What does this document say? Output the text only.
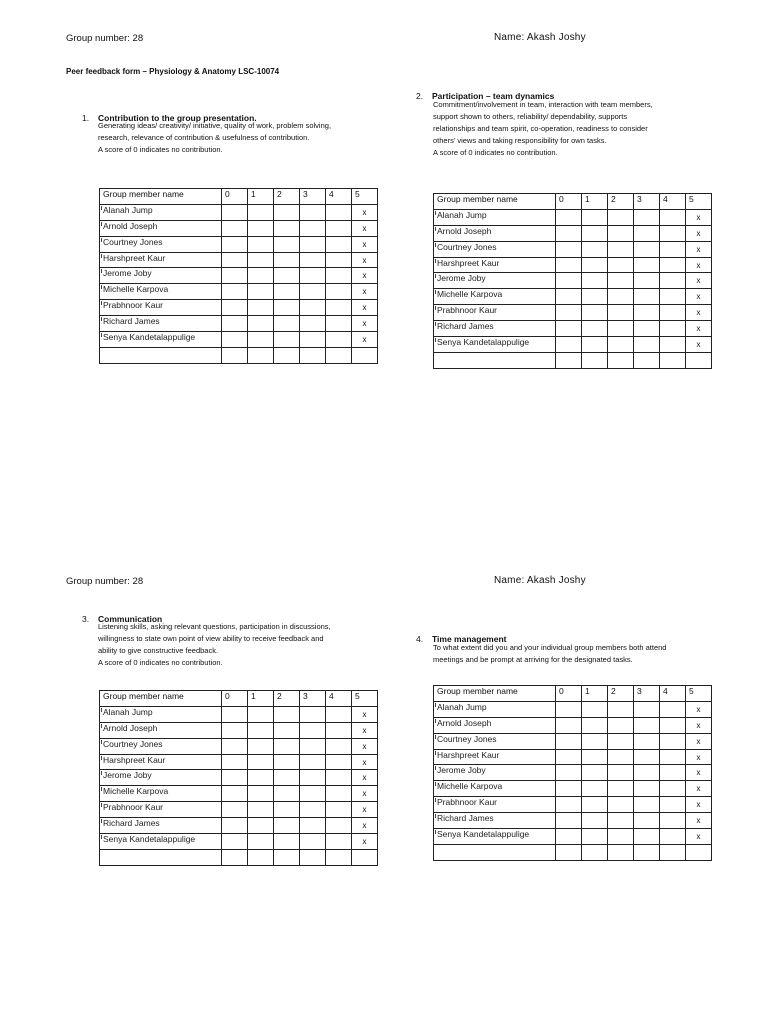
Group number: 28	Name: Akash Joshy
Peer feedback form – Physiology & Anatomy LSC-10074
1. Contribution to the group presentation.
Generating ideas/ creativity/ initiative, quality of work, problem solving,
research, relevance of contribution & usefulness of contribution.
A score of 0 indicates no contribution.
Group member name	0	1	2	3	4	5
Alanah Jump						x
Arnold Joseph						x
Courtney Jones						x
Harshpreet Kaur						x
Jerome Joby						x
Michelle Karpova						x
Prabhnoor Kaur						x
Richard James						x
Senya Kandetalappulige						x

2. Participation – team dynamics
Commitment/involvement in team, interaction with team members,
support shown to others, reliability/ dependability, supports
relationships and team spirit, co-operation, readiness to consider
others’ views and taking responsibility for own tasks.
A score of 0 indicates no contribution.
Group member name	0	1	2	3	4	5
Alanah Jump						x
Arnold Joseph						x
Courtney Jones						x
Harshpreet Kaur						x
Jerome Joby						x
Michelle Karpova						x
Prabhnoor Kaur						x
Richard James						x
Senya Kandetalappulige						x

Group number: 28	Name: Akash Joshy
3. Communication
Listening skills, asking relevant questions, participation in discussions,
willingness to state own point of view ability to receive feedback and
ability to give constructive feedback.
A score of 0 indicates no contribution.
Group member name	0	1	2	3	4	5
Alanah Jump						x
Arnold Joseph						x
Courtney Jones						x
Harshpreet Kaur						x
Jerome Joby						x
Michelle Karpova						x
Prabhnoor Kaur						x
Richard James						x
Senya Kandetalappulige						x

4. Time management
To what extent did you and your individual group members both attend
meetings and be prompt at arriving for the designated tasks.
Group member name	0	1	2	3	4	5
Alanah Jump						x
Arnold Joseph						x
Courtney Jones						x
Harshpreet Kaur						x
Jerome Joby						x
Michelle Karpova						x
Prabhnoor Kaur						x
Richard James						x
Senya Kandetalappulige						x
